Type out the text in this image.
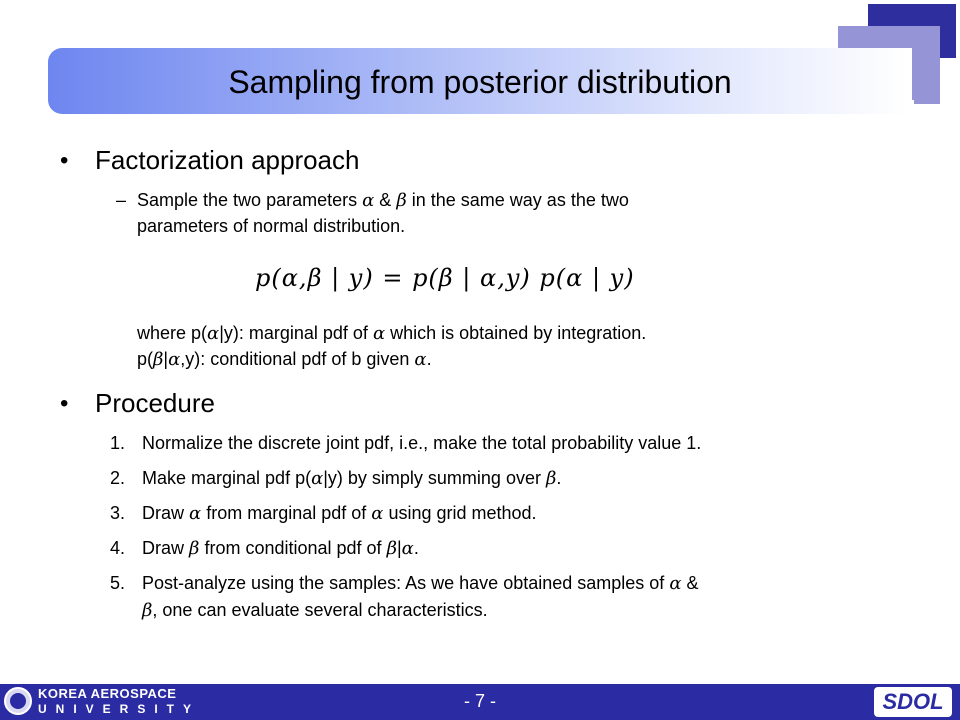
Sampling from posterior distribution
• Factorization approach
– Sample the two parameters α & β in the same way as the two
parameters of normal distribution.
p(α,β | y) = p(β | α,y) p(α | y)
where p(α|y): marginal pdf of α which is obtained by integration.
p(β|α,y): conditional pdf of b given α.
• Procedure
1. Normalize the discrete joint pdf, i.e., make the total probability value 1.
2. Make marginal pdf p(α|y) by simply summing over β.
3. Draw α from marginal pdf of α using grid method.
4. Draw β from conditional pdf of β|α.
5. Post-analyze using the samples: As we have obtained samples of α &
β, one can evaluate several characteristics.
KOREA AEROSPACE
UNIVERSITY	- 7 -	SDOL
